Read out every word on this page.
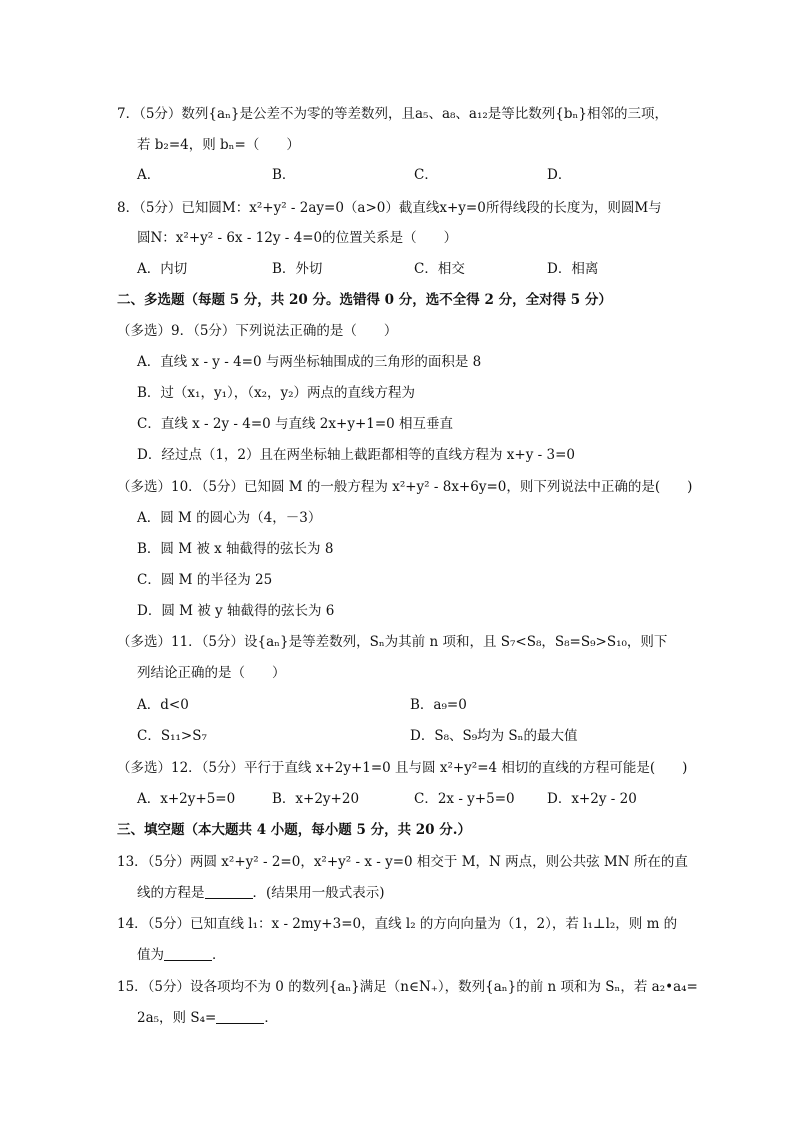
7．（5分）数列{aₙ}是公差不为零的等差数列，且a₅、a₈、a₁₂是等比数列{bₙ}相邻的三项，
若 b₂=4，则 bₙ=（　　）
A．	B．	C．	D．
8．（5分）已知圆M：x²+y² - 2ay=0（a>0）截直线x+y=0所得线段的长度为，则圆M与
圆N：x²+y² - 6x - 12y - 4=0的位置关系是（　　）
A．内切	B．外切	C．相交	D．相离
二、多选题（每题 5 分，共 20 分。选错得 0 分，选不全得 2 分，全对得 5 分）
（多选）9．（5分）下列说法正确的是（　　）
A．直线 x - y - 4=0 与两坐标轴围成的三角形的面积是 8
B．过（x₁，y₁），（x₂，y₂）两点的直线方程为
C．直线 x - 2y - 4=0 与直线 2x+y+1=0 相互垂直
D．经过点（1，2）且在两坐标轴上截距都相等的直线方程为 x+y - 3=0
（多选）10．（5分）已知圆 M 的一般方程为 x²+y² - 8x+6y=0，则下列说法中正确的是(　　)
A．圆 M 的圆心为（4，－3）
B．圆 M 被 x 轴截得的弦长为 8
C．圆 M 的半径为 25
D．圆 M 被 y 轴截得的弦长为 6
（多选）11．（5分）设{aₙ}是等差数列，Sₙ为其前 n 项和，且 S₇<S₈，S₈=S₉>S₁₀，则下
列结论正确的是（　　）
A．d<0	B．a₉=0
C．S₁₁>S₇	D．S₈、S₉均为 Sₙ的最大值
（多选）12．（5分）平行于直线 x+2y+1=0 且与圆 x²+y²=4 相切的直线的方程可能是(　　)
A．x+2y+5=0	B．x+2y+20	C．2x - y+5=0 D．x+2y - 20
三、填空题（本大题共 4 小题，每小题 5 分，共 20 分.）
13．（5分）两圆 x²+y² - 2=0，x²+y² - x - y=0 相交于 M，N 两点，则公共弦 MN 所在的直
线的方程是	．(结果用一般式表示)
14．（5分）已知直线 l₁：x - 2my+3=0，直线 l₂ 的方向向量为（1，2），若 l₁⊥l₂，则 m 的
值为	．
15．（5分）设各项均不为 0 的数列{aₙ}满足（n∈N₊），数列{aₙ}的前 n 项和为 Sₙ，若 a₂•a₄=
2a₅，则 S₄=	．
